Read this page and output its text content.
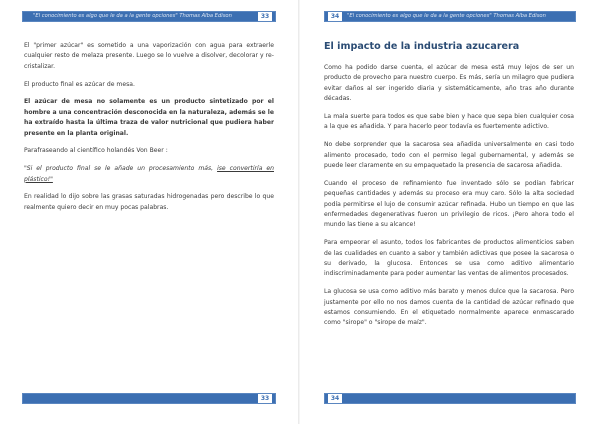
"El conocimiento es algo que le da a la gente opciones" Thomas Alba Edison	33

El "primer azúcar" es sometido a una vaporización con agua para extraerle cualquier resto de melaza presente. Luego se lo vuelve a disolver, decolorar y re-cristalizar.

El producto final es azúcar de mesa.

El azúcar de mesa no solamente es un producto sintetizado por el hombre a una concentración desconocida en la naturaleza, además se le ha extraído hasta la última traza de valor nutricional que pudiera haber presente en la planta original.

Parafraseando al científico holandés Von Beer :

"Si el producto final se le añade un procesamiento más, ise convertiría en plástico!"

En realidad lo dijo sobre las grasas saturadas hidrogenadas pero describe lo que realmente quiero decir en muy pocas palabras.

33
34	"El conocimiento es algo que le da a la gente opciones" Thomas Alba Edison
El impacto de la industria azucarera

Como ha podido darse cuenta, el azúcar de mesa está muy lejos de ser un producto de provecho para nuestro cuerpo. Es más, sería un milagro que pudiera evitar daños al ser ingerido diaria y sistemáticamente, año tras año durante décadas.

La mala suerte para todos es que sabe bien y hace que sepa bien cualquier cosa a la que es añadida. Y para hacerlo peor todavía es fuertemente adictivo.

No debe sorprender que la sacarosa sea añadida universalmente en casi todo alimento procesado, todo con el permiso legal gubernamental, y además se puede leer claramente en su empaquetado la presencia de sacarosa añadida.

Cuando el proceso de refinamiento fue inventado sólo se podían fabricar pequeñas cantidades y además su proceso era muy caro. Sólo la alta sociedad podía permitirse el lujo de consumir azúcar refinada. Hubo un tiempo en que las enfermedades degenerativas fueron un privilegio de ricos. ¡Pero ahora todo el mundo las tiene a su alcance!

Para empeorar el asunto, todos los fabricantes de productos alimenticios saben de las cualidades en cuanto a sabor y también adictivas que posee la sacarosa o su derivado, la glucosa. Entonces se usa como aditivo alimentario indiscriminadamente para poder aumentar las ventas de alimentos procesados.

La glucosa se usa como aditivo más barato y menos dulce que la sacarosa. Pero justamente por ello no nos damos cuenta de la cantidad de azúcar refinado que estamos consumiendo. En el etiquetado normalmente aparece enmascarado como "sirope" o "sirope de maíz".

34
